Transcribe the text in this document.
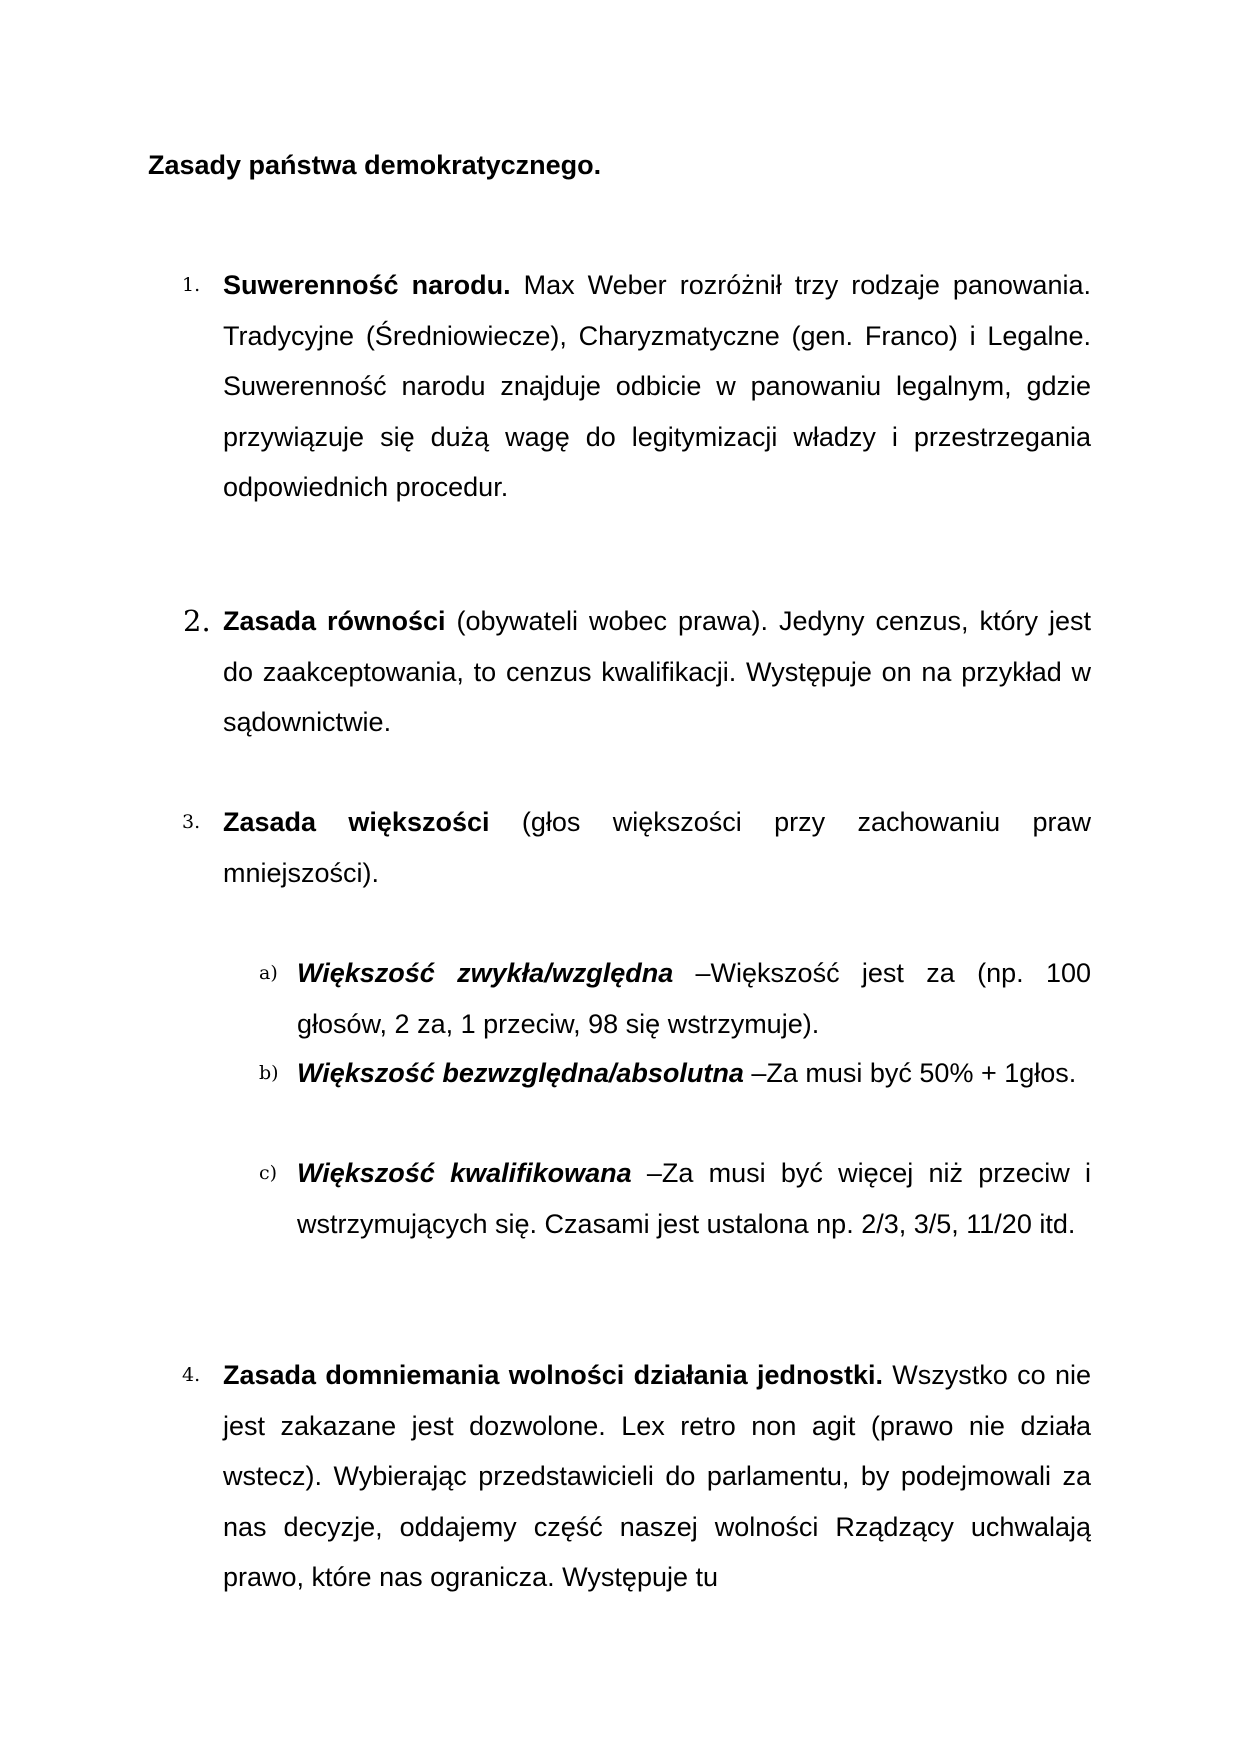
Zasady państwa demokratycznego.

1. Suwerenność narodu. Max Weber rozróżnił trzy rodzaje panowania. Tradycyjne (Średniowiecze), Charyzmatyczne (gen. Franco) i Legalne. Suwerenność narodu znajduje odbicie w panowaniu legalnym, gdzie przywiązuje się dużą wagę do legitymizacji władzy i przestrzegania odpowiednich procedur.

2. Zasada równości (obywateli wobec prawa). Jedyny cenzus, który jest do zaakceptowania, to cenzus kwalifikacji. Występuje on na przykład w sądownictwie.

3. Zasada większości (głos większości przy zachowaniu praw mniejszości).

a) Większość zwykła/względna –Większość jest za (np. 100 głosów, 2 za, 1 przeciw, 98 się wstrzymuje).

b) Większość bezwzględna/absolutna –Za musi być 50% + 1głos.

c) Większość kwalifikowana –Za musi być więcej niż przeciw i wstrzymujących się. Czasami jest ustalona np. 2/3, 3/5, 11/20 itd.

4. Zasada domniemania wolności działania jednostki. Wszystko co nie jest zakazane jest dozwolone. Lex retro non agit (prawo nie działa wstecz). Wybierając przedstawicieli do parlamentu, by podejmowali za nas decyzje, oddajemy część naszej wolności Rządzący uchwalają prawo, które nas ogranicza. Występuje tu
